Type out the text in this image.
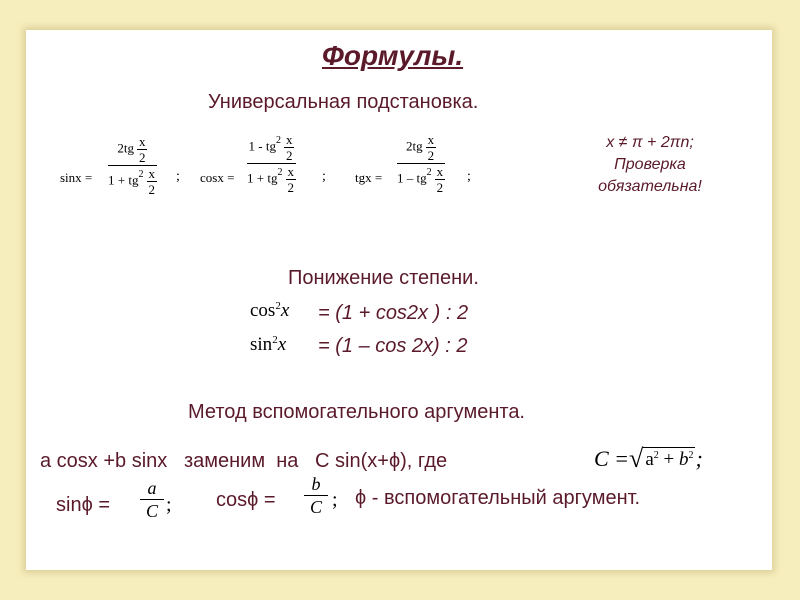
Формулы.
Универсальная подстановка.
sinx =
$2tg \frac{x}{2}$
$1 + tg^2 \frac{x}{2}$ ; cosx =
$1 - tg^2 \frac{x}{2}$
$1 + tg^2 \frac{x}{2}$ ; tgx =
$2tg \frac{x}{2}$
$1 - tg^2 \frac{x}{2}$ ;
x ≠ π + 2πn;
Проверка
обязательна!
Понижение степени.
$\cos^2x = (1 + \cos 2x$ ) : 2
$\sin^2x = (1 - \cos 2x)$ : 2
Метод вспомогательного аргумента.
a cosx +b sinx   заменим  на   C sin(x+ϕ), где	C = √ $a^2 + b^2$ ;
sinϕ =
a
C ; cosϕ =
b
C ; ϕ - вспомогательный аргумент.
